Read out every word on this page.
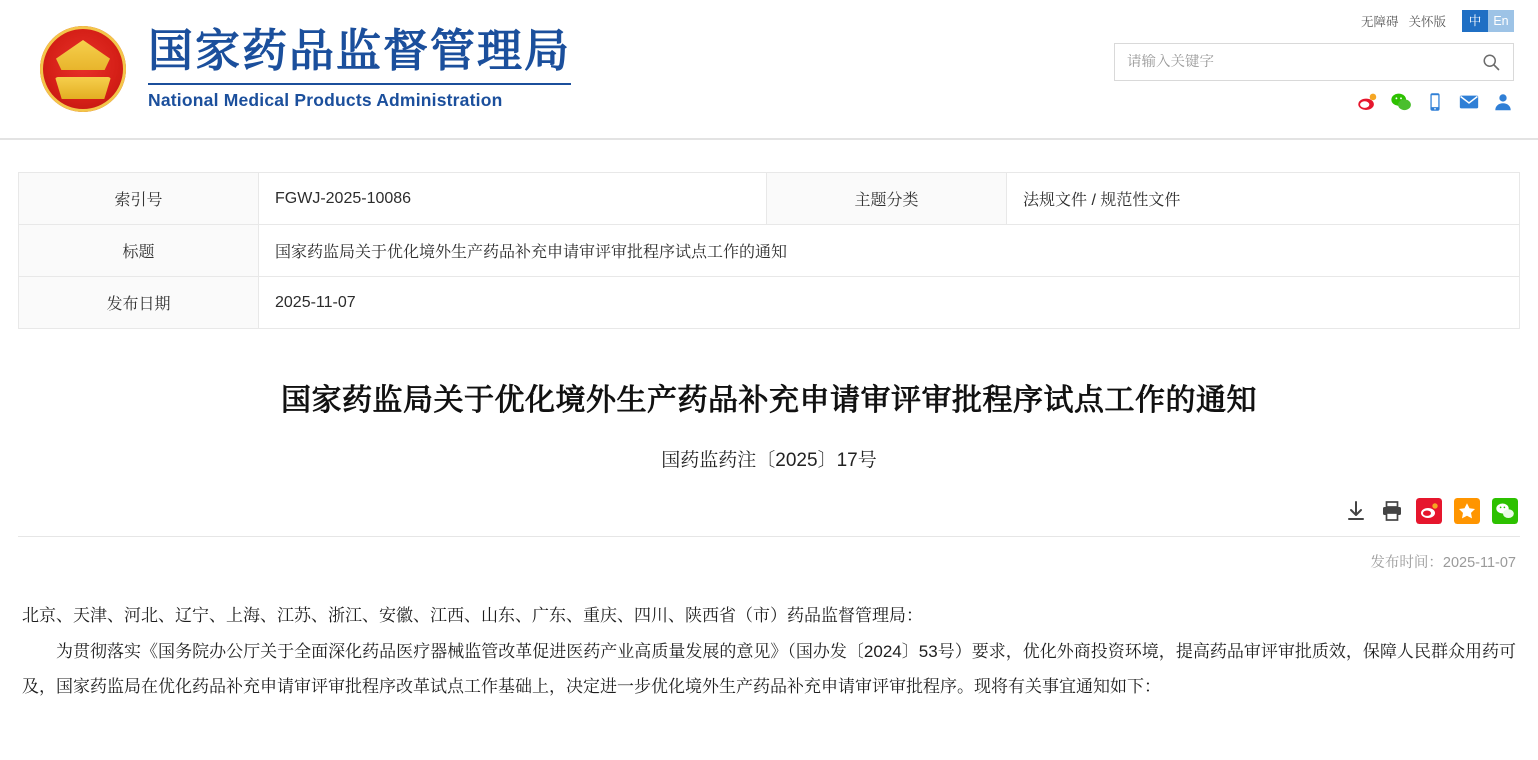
国家药品监督管理局
National Medical Products Administration
无障碍 关怀版	中 En
请输入关键字
索引号	FGWJ-2025-10086	主题分类	法规文件 / 规范性文件
标题	国家药监局关于优化境外生产药品补充申请审评审批程序试点工作的通知		
发布日期	2025-11-07		
国家药监局关于优化境外生产药品补充申请审评审批程序试点工作的通知
国药监药注〔2025〕17号
发布时间：2025-11-07

北京、天津、河北、辽宁、上海、江苏、浙江、安徽、江西、山东、广东、重庆、四川、陕西省（市）药品监督管理局：

为贯彻落实《国务院办公厅关于全面深化药品医疗器械监管改革促进医药产业高质量发展的意见》（国办发〔2024〕53号）要求，优化外商投资环境，提高药品审评审批质效，保障人民群众用药可及，国家药监局在优化药品补充申请审评审批程序改革试点工作基础上，决定进一步优化境外生产药品补充申请审评审批程序。现将有关事宜通知如下：
